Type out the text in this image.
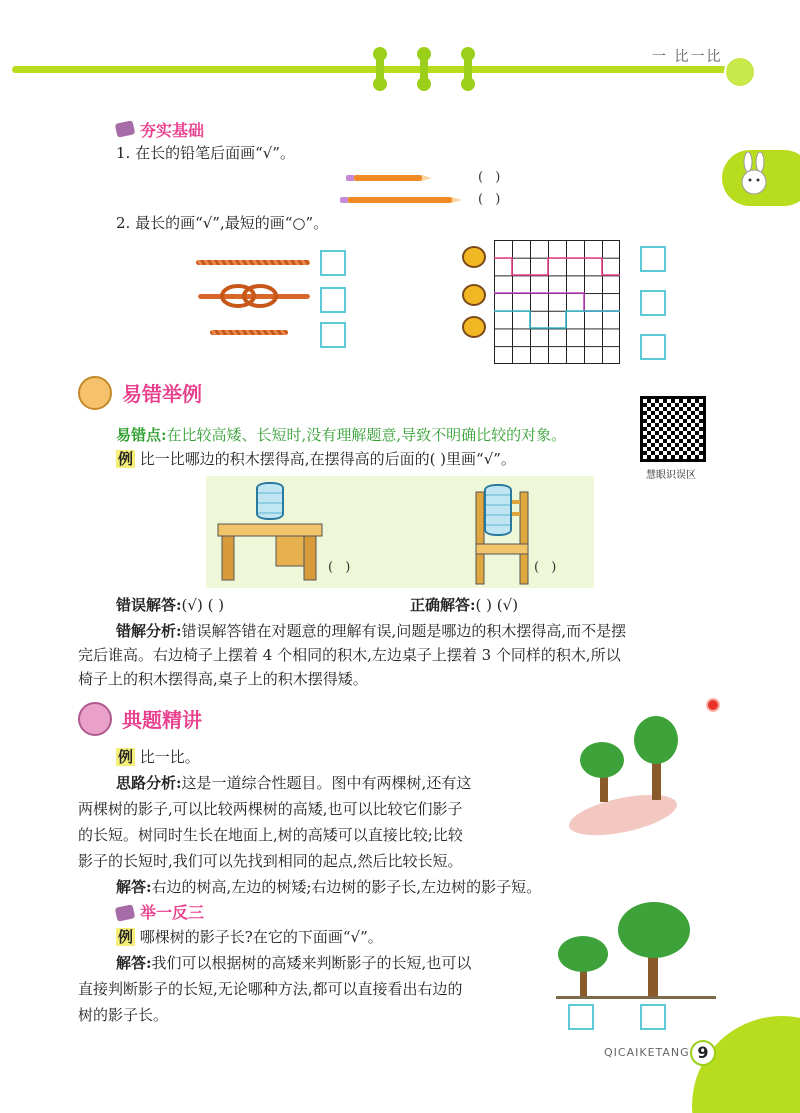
一 比一比
夯实基础
1. 在长的铅笔后面画“√”。
( )
( )
2. 最长的画“√”,最短的画“○”。
易错举例
慧眼识误区
易错点:在比较高矮、长短时,没有理解题意,导致不明确比较的对象。
例 比一比哪边的积木摆得高,在摆得高的后面的( )里画“√”。
( )	( )
错误解答:(√) ( )	正确解答:( ) (√)
错解分析:错误解答错在对题意的理解有误,问题是哪边的积木摆得高,而不是摆
完后谁高。右边椅子上摆着 4 个相同的积木,左边桌子上摆着 3 个同样的积木,所以
椅子上的积木摆得高,桌子上的积木摆得矮。
典题精讲
例 比一比。
思路分析:这是一道综合性题目。图中有两棵树,还有这
两棵树的影子,可以比较两棵树的高矮,也可以比较它们影子
的长短。树同时生长在地面上,树的高矮可以直接比较;比较
影子的长短时,我们可以先找到相同的起点,然后比较长短。
解答:右边的树高,左边的树矮;右边树的影子长,左边树的影子短。
举一反三
例 哪棵树的影子长?在它的下面画“√”。
解答:我们可以根据树的高矮来判断影子的长短,也可以
直接判断影子的长短,无论哪种方法,都可以直接看出右边的
树的影子长。
QICAIKETANG 9
